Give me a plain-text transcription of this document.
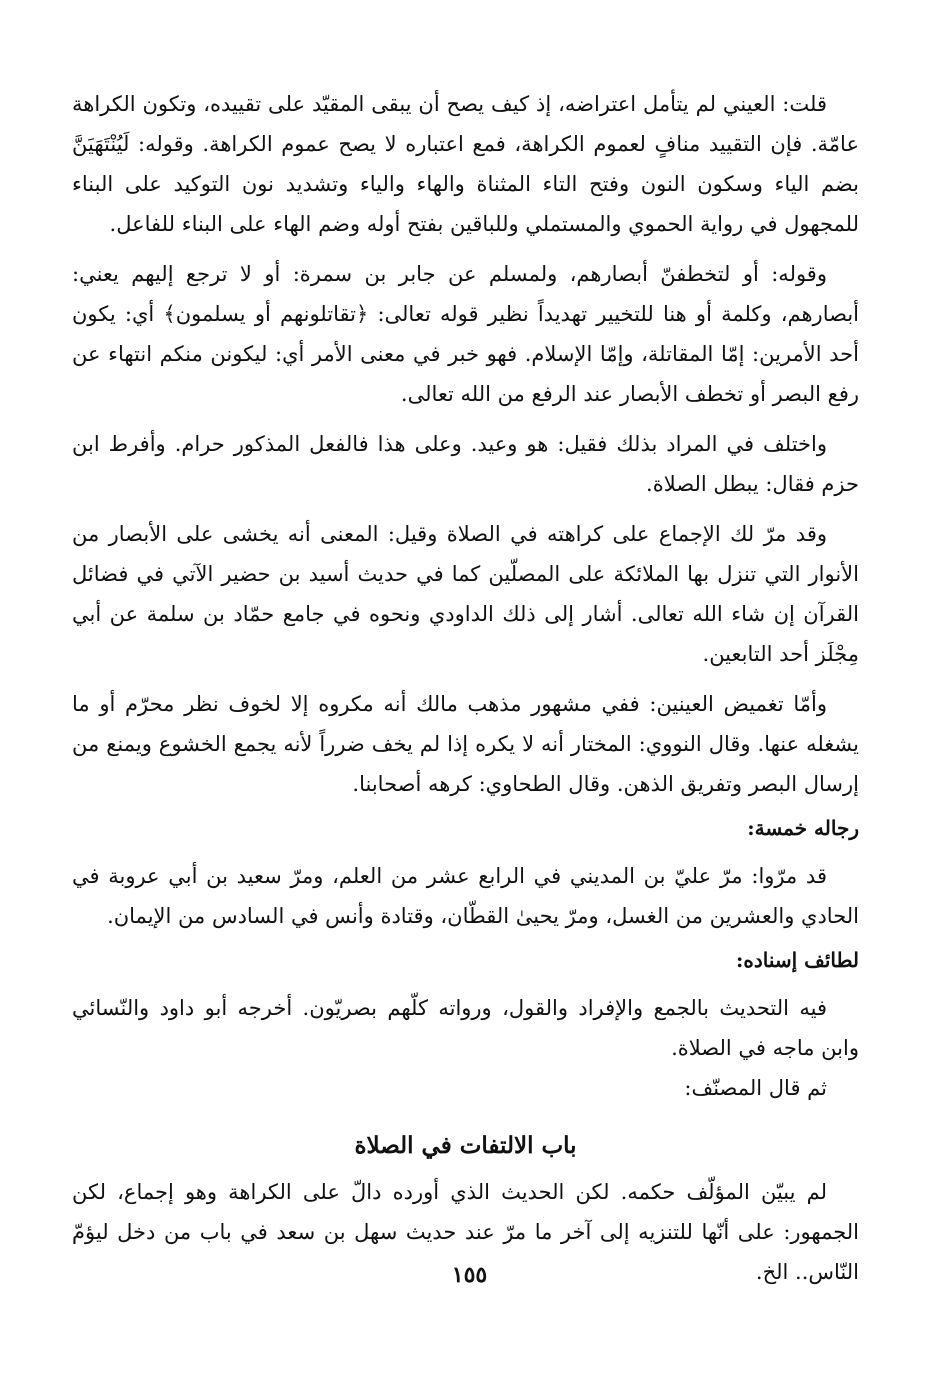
قلت: العيني لم يتأمل اعتراضه، إذ كيف يصح أن يبقى المقيّد على تقييده، وتكون الكراهة عامّة. فإن التقييد منافٍ لعموم الكراهة، فمع اعتباره لا يصح عموم الكراهة. وقوله: لَيُنْتَهَيَنَّ بضم الياء وسكون النون وفتح التاء المثناة والهاء والياء وتشديد نون التوكيد على البناء للمجهول في رواية الحموي والمستملي وللباقين بفتح أوله وضم الهاء على البناء للفاعل.

وقوله: أو لتخطفنّ أبصارهم، ولمسلم عن جابر بن سمرة: أو لا ترجع إليهم يعني: أبصارهم، وكلمة أو هنا للتخيير تهديداً نظير قوله تعالى: ﴿تقاتلونهم أو يسلمون﴾ أي: يكون أحد الأمرين: إمّا المقاتلة، وإمّا الإسلام. فهو خبر في معنى الأمر أي: ليكونن منكم انتهاء عن رفع البصر أو تخطف الأبصار عند الرفع من الله تعالى.

واختلف في المراد بذلك فقيل: هو وعيد. وعلى هذا فالفعل المذكور حرام. وأفرط ابن حزم فقال: يبطل الصلاة.

وقد مرّ لك الإجماع على كراهته في الصلاة وقيل: المعنى أنه يخشى على الأبصار من الأنوار التي تنزل بها الملائكة على المصلّين كما في حديث أسيد بن حضير الآتي في فضائل القرآن إن شاء الله تعالى. أشار إلى ذلك الداودي ونحوه في جامع حمّاد بن سلمة عن أبي مِجْلَز أحد التابعين.

وأمّا تغميض العينين: ففي مشهور مذهب مالك أنه مكروه إلا لخوف نظر محرّم أو ما يشغله عنها. وقال النووي: المختار أنه لا يكره إذا لم يخف ضرراً لأنه يجمع الخشوع ويمنع من إرسال البصر وتفريق الذهن. وقال الطحاوي: كرهه أصحابنا.

رجاله خمسة:

قد مرّوا: مرّ عليّ بن المديني في الرابع عشر من العلم، ومرّ سعيد بن أبي عروبة في الحادي والعشرين من الغسل، ومرّ يحيىٰ القطّان، وقتادة وأنس في السادس من الإيمان.

لطائف إسناده:

فيه التحديث بالجمع والإفراد والقول، ورواته كلّهم بصريّون. أخرجه أبو داود والنّسائي وابن ماجه في الصلاة.

ثم قال المصنّف:

باب الالتفات في الصلاة

لم يبيّن المؤلّف حكمه. لكن الحديث الذي أورده دالّ على الكراهة وهو إجماع، لكن الجمهور: على أنّها للتنزيه إلى آخر ما مرّ عند حديث سهل بن سعد في باب من دخل ليؤمّ النّاس.. الخ.

١٥٥
